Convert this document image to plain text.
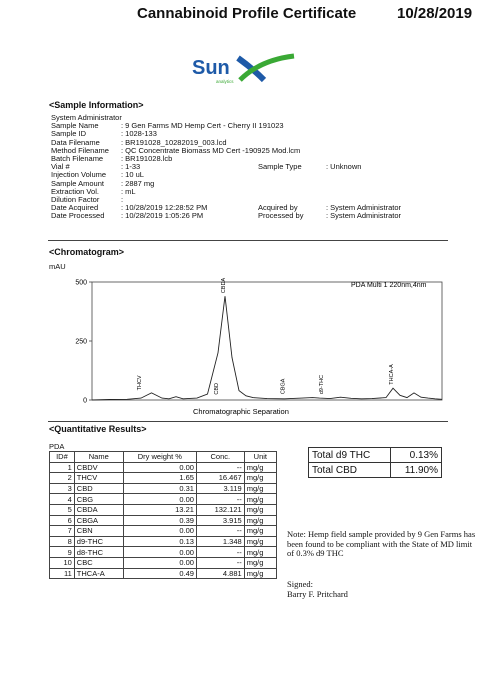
Cannabinoid Profile Certificate	10/28/2019
Sun
analytics
<Sample Information>
System Administrator
Sample Name	: 9 Gen Farms MD Hemp Cert - Cherry II 191023
Sample ID	: 1028-133
Data Filename	: BR191028_10282019_003.lcd
Method Filename : QC Concentrate Biomass MD Cert -190925 Mod.lcm
Batch Filename : BR191028.lcb
Vial #	: 1-33
Injection Volume : 10 uL
Sample Amount : 2887 mg
Extraction Vol.	: mL
Dilution Factor	:
Date Acquired	: 10/28/2019 12:28:52 PM
Date Processed : 10/28/2019 1:05:26 PM
Sample Type	: Unknown
Acquired by	: System Administrator
Processed by	: System Administrator
<Chromatogram>
mAU
500
250
0
THCV	CBD
CBDA
CBGA	d9-THC	THCA-A
PDA Multi 1 220nm,4nm
Chromatographic Separation
<Quantitative Results>
PDA
ID#	Name	Dry weight %	Conc.	Unit
1	CBDV	0.00	--	mg/g
2	THCV	1.65	16.467	mg/g
3	CBD	0.31	3.119	mg/g
4	CBG	0.00	--	mg/g
5	CBDA	13.21	132.121	mg/g
6	CBGA	0.39	3.915	mg/g
7	CBN	0.00	--	mg/g
8	d9-THC	0.13	1.348	mg/g
9	d8-THC	0.00	--	mg/g
10	CBC	0.00	--	mg/g
11	THCA-A	0.49	4.881	mg/g
Total d9 THC	0.13%
Total CBD	11.90%
Note: Hemp field sample provided by 9 Gen Farms has been found to be compliant with the State of MD limit of 0.3% d9 THC
Signed:
Barry F. Pritchard
